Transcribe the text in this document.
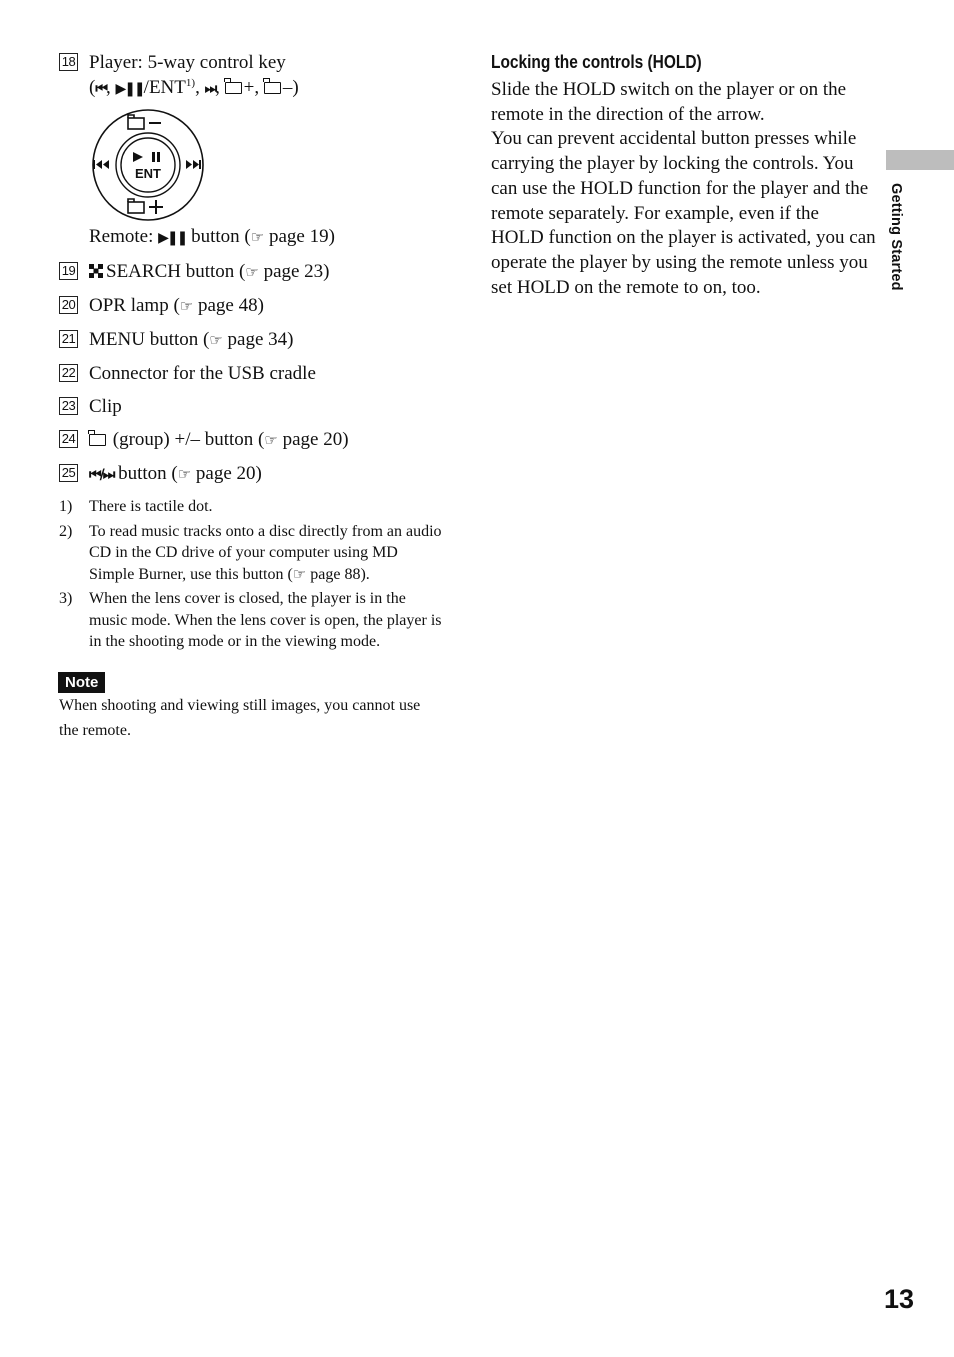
18 Player: 5-way control key
(⏮, ▶❚❚/ENT$^{1)}$, ⏭, +, –)
ENT
Remote: ▶❚❚ button (☞ page 19)
19 SEARCH button (☞ page 23)
20 OPR lamp (☞ page 48)
21 MENU button (☞ page 34)
22 Connector for the USB cradle
23 Clip
24 (group) +/– button (☞ page 20)
25 ⏮/⏭ button (☞ page 20)
1) There is tactile dot.
2) To read music tracks onto a disc directly from an audio CD in the CD drive of your computer using MD Simple Burner, use this button (☞ page 88).
3) When the lens cover is closed, the player is in the music mode. When the lens cover is open, the player is in the shooting mode or in the viewing mode.
Note
When shooting and viewing still images, you cannot use the remote.
Locking the controls (HOLD)
Slide the HOLD switch on the player or on the remote in the direction of the arrow.
You can prevent accidental button presses while carrying the player by locking the controls. You can use the HOLD function for the player and the remote separately. For example, even if the HOLD function on the player is activated, you can operate the player by using the remote unless you set HOLD on the remote to on, too.	Getting Started
13
